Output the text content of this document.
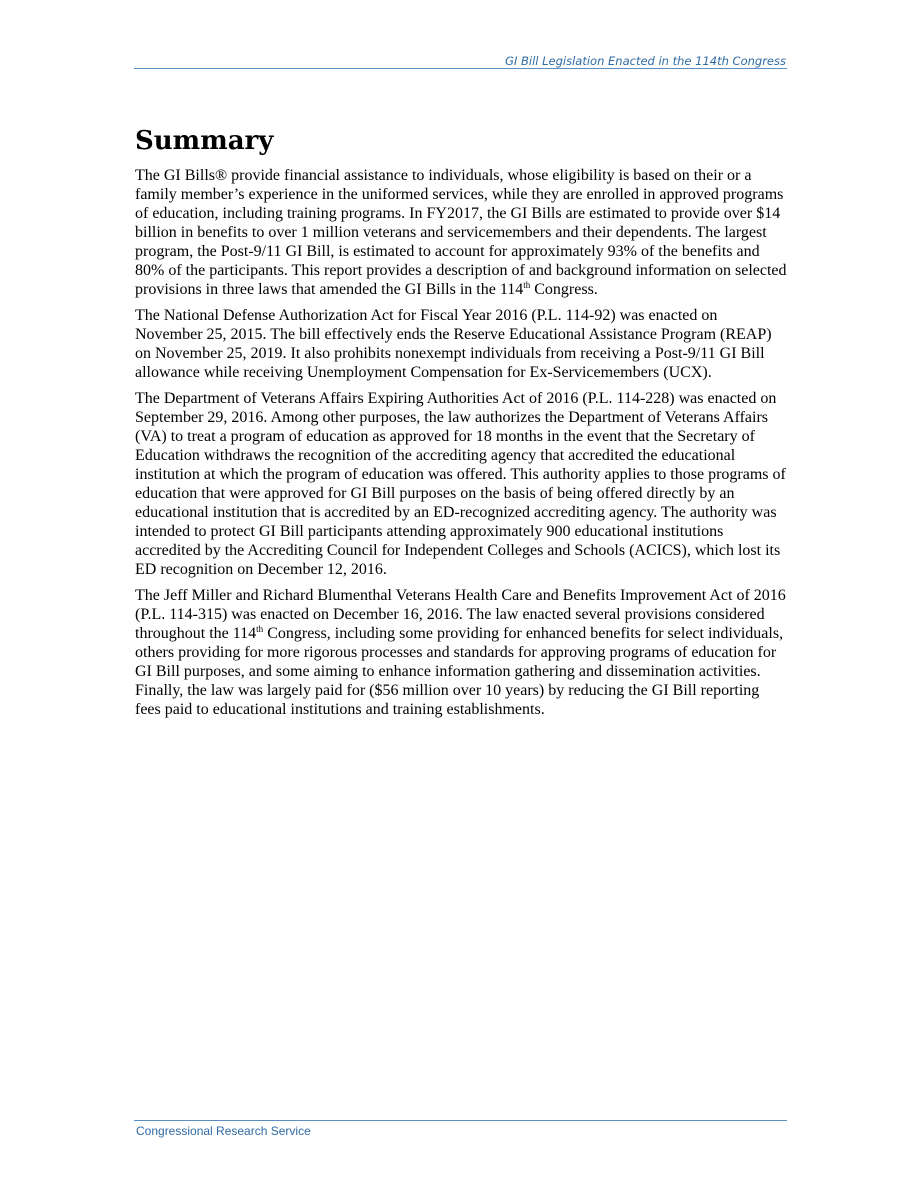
GI Bill Legislation Enacted in the 114th Congress
Summary

The GI Bills® provide financial assistance to individuals, whose eligibility is based on their or a family member’s experience in the uniformed services, while they are enrolled in approved programs of education, including training programs. In FY2017, the GI Bills are estimated to provide over $14 billion in benefits to over 1 million veterans and servicemembers and their dependents. The largest program, the Post-9/11 GI Bill, is estimated to account for approximately 93% of the benefits and 80% of the participants. This report provides a description of and background information on selected provisions in three laws that amended the GI Bills in the 114th Congress.

The National Defense Authorization Act for Fiscal Year 2016 (P.L. 114-92) was enacted on November 25, 2015. The bill effectively ends the Reserve Educational Assistance Program (REAP) on November 25, 2019. It also prohibits nonexempt individuals from receiving a Post-9/11 GI Bill allowance while receiving Unemployment Compensation for Ex-Servicemembers (UCX).

The Department of Veterans Affairs Expiring Authorities Act of 2016 (P.L. 114-228) was enacted on September 29, 2016. Among other purposes, the law authorizes the Department of Veterans Affairs (VA) to treat a program of education as approved for 18 months in the event that the Secretary of Education withdraws the recognition of the accrediting agency that accredited the educational institution at which the program of education was offered. This authority applies to those programs of education that were approved for GI Bill purposes on the basis of being offered directly by an educational institution that is accredited by an ED-recognized accrediting agency. The authority was intended to protect GI Bill participants attending approximately 900 educational institutions accredited by the Accrediting Council for Independent Colleges and Schools (ACICS), which lost its ED recognition on December 12, 2016.

The Jeff Miller and Richard Blumenthal Veterans Health Care and Benefits Improvement Act of 2016 (P.L. 114-315) was enacted on December 16, 2016. The law enacted several provisions considered throughout the 114th Congress, including some providing for enhanced benefits for select individuals, others providing for more rigorous processes and standards for approving programs of education for GI Bill purposes, and some aiming to enhance information gathering and dissemination activities. Finally, the law was largely paid for ($56 million over 10 years) by reducing the GI Bill reporting fees paid to educational institutions and training establishments.

Congressional Research Service
